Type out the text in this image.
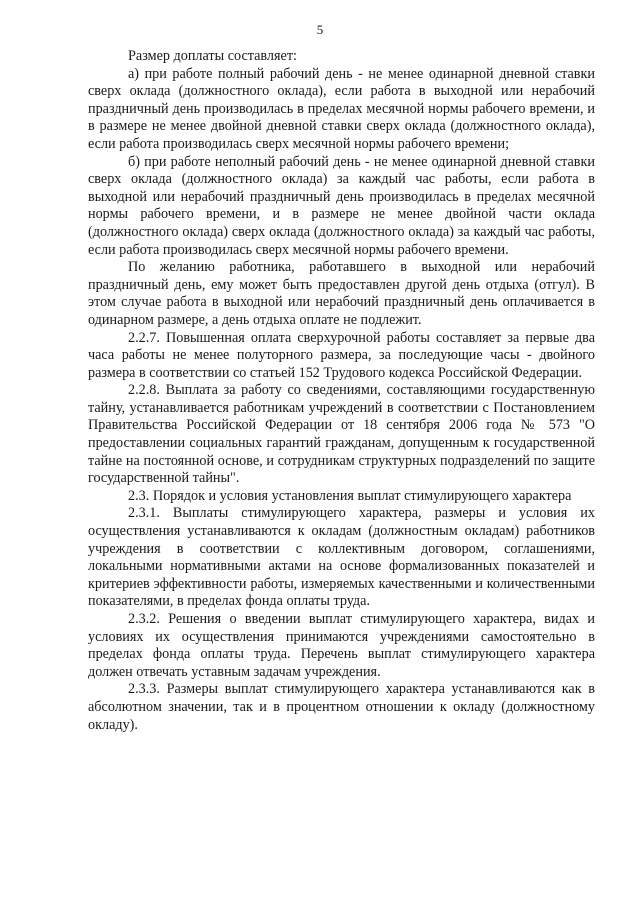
5

Размер доплаты составляет:

а) при работе полный рабочий день - не менее одинарной дневной ставки сверх оклада (должностного оклада), если работа в выходной или нерабочий праздничный день производилась в пределах месячной нормы рабочего времени, и в размере не менее двойной дневной ставки сверх оклада (должностного оклада), если работа производилась сверх месячной нормы рабочего времени;

б) при работе неполный рабочий день - не менее одинарной дневной ставки сверх оклада (должностного оклада) за каждый час работы, если работа в выходной или нерабочий праздничный день производилась в пределах месячной нормы рабочего времени, и в размере не менее двойной части оклада (должностного оклада) сверх оклада (должностного оклада) за каждый час работы, если работа производилась сверх месячной нормы рабочего времени.

По желанию работника, работавшего в выходной или нерабочий праздничный день, ему может быть предоставлен другой день отдыха (отгул). В этом случае работа в выходной или нерабочий праздничный день оплачивается в одинарном размере, а день отдыха оплате не подлежит.

2.2.7. Повышенная оплата сверхурочной работы составляет за первые два часа работы не менее полуторного размера, за последующие часы - двойного размера в соответствии со статьей 152 Трудового кодекса Российской Федерации.

2.2.8. Выплата за работу со сведениями, составляющими государственную тайну, устанавливается работникам учреждений в соответствии с Постановлением Правительства Российской Федерации от 18 сентября 2006 года № 573 "О предоставлении социальных гарантий гражданам, допущенным к государственной тайне на постоянной основе, и сотрудникам структурных подразделений по защите государственной тайны".

2.3. Порядок и условия установления выплат стимулирующего характера

2.3.1. Выплаты стимулирующего характера, размеры и условия их осуществления устанавливаются к окладам (должностным окладам) работников учреждения в соответствии с коллективным договором, соглашениями, локальными нормативными актами на основе формализованных показателей и критериев эффективности работы, измеряемых качественными и количественными показателями, в пределах фонда оплаты труда.

2.3.2. Решения о введении выплат стимулирующего характера, видах и условиях их осуществления принимаются учреждениями самостоятельно в пределах фонда оплаты труда. Перечень выплат стимулирующего характера должен отвечать уставным задачам учреждения.

2.3.3. Размеры выплат стимулирующего характера устанавливаются как в абсолютном значении, так и в процентном отношении к окладу (должностному окладу).
